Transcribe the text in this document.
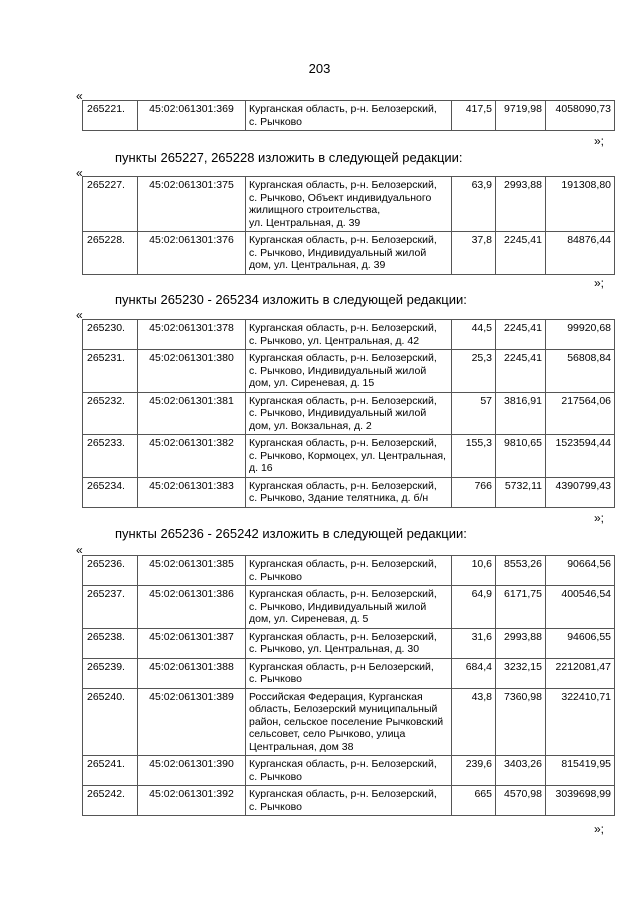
203
«
265221.	45:02:061301:369	Курганская область, р-н. Белозерский,
с. Рычково
	417,5	9719,98	4058090,73
»;
пункты 265227, 265228 изложить в следующей редакции:
«
265227.	45:02:061301:375	Курганская область, р-н. Белозерский,
с. Рычково, Объект индивидуального
жилищного строительства,
ул. Центральная, д. 39	63,9	2993,88	191308,80
265228.	45:02:061301:376	Курганская область, р-н. Белозерский,
с. Рычково, Индивидуальный жилой
дом, ул. Центральная, д. 39	37,8	2245,41	84876,44
»;
пункты 265230 - 265234 изложить в следующей редакции:
«
265230.	45:02:061301:378	Курганская область, р-н. Белозерский,
с. Рычково, ул. Центральная, д. 42	44,5	2245,41	99920,68
265231.	45:02:061301:380	Курганская область, р-н. Белозерский,
с. Рычково, Индивидуальный жилой
дом, ул. Сиреневая, д. 15	25,3	2245,41	56808,84
265232.	45:02:061301:381	Курганская область, р-н. Белозерский,
с. Рычково, Индивидуальный жилой
дом, ул. Вокзальная, д. 2	57	3816,91	217564,06
265233.	45:02:061301:382	Курганская область, р-н. Белозерский,
с. Рычково, Кормоцех, ул. Центральная,
д. 16	155,3	9810,65	1523594,44
265234.	45:02:061301:383	Курганская область, р-н. Белозерский,
с. Рычково, Здание телятника, д. б/н	766	5732,11	4390799,43
»;
пункты 265236 - 265242 изложить в следующей редакции:
«
265236.	45:02:061301:385	Курганская область, р-н. Белозерский,
с. Рычково	10,6	8553,26	90664,56
265237.	45:02:061301:386	Курганская область, р-н. Белозерский,
с. Рычково, Индивидуальный жилой
дом, ул. Сиреневая, д. 5	64,9	6171,75	400546,54
265238.	45:02:061301:387	Курганская область, р-н. Белозерский,
с. Рычково, ул. Центральная, д. 30	31,6	2993,88	94606,55
265239.	45:02:061301:388	Курганская область, р-н Белозерский,
с. Рычково	684,4	3232,15	2212081,47
265240.	45:02:061301:389	Российская Федерация, Курганская
область, Белозерский муниципальный
район, сельское поселение Рычковский
сельсовет, село Рычково, улица
Центральная, дом 38	43,8	7360,98	322410,71
265241.	45:02:061301:390	Курганская область, р-н. Белозерский,
с. Рычково	239,6	3403,26	815419,95
265242.	45:02:061301:392	Курганская область, р-н. Белозерский,
с. Рычково	665	4570,98	3039698,99
»;
